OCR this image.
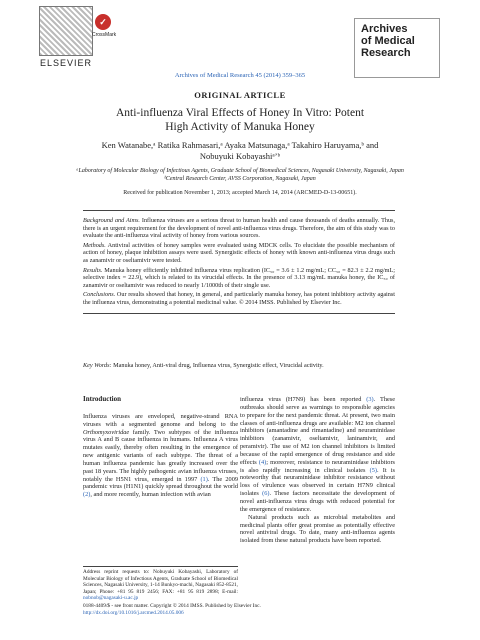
ELSEVIER
✓
CrossMark	Archives
of Medical
Research
Archives of Medical Research 45 (2014) 359–365
ORIGINAL ARTICLE
Anti-influenza Viral Effects of Honey In Vitro: Potent
High Activity of Manuka Honey
Ken Watanabe,ᵃ Ratika Rahmasari,ᵃ Ayaka Matsunaga,ᵃ Takahiro Haruyama,ᵇ and
Nobuyuki Kobayashiᵃʼᵇ
ᵃLaboratory of Molecular Biology of Infectious Agents, Graduate School of Biomedical Sciences, Nagasaki University, Nagasaki, Japan
ᵇCentral Research Center, AVSS Corporation, Nagasaki, Japan
Received for publication November 1, 2013; accepted March 14, 2014 (ARCMED-D-13-00651).

Background and Aims. Influenza viruses are a serious threat to human health and cause thousands of deaths annually. Thus, there is an urgent requirement for the development of novel anti-influenza virus drugs. Therefore, the aim of this study was to evaluate the anti-influenza viral activity of honey from various sources.

Methods. Antiviral activities of honey samples were evaluated using MDCK cells. To elucidate the possible mechanism of action of honey, plaque inhibition assays were used. Synergistic effects of honey with known anti-influenza virus drugs such as zanamivir or oseltamivir were tested.

Results. Manuka honey efficiently inhibited influenza virus replication (IC₅₀ = 3.6 ± 1.2 mg/mL; CC₅₀ = 82.3 ± 2.2 mg/mL; selective index = 22.9), which is related to its virucidal effects. In the presence of 3.13 mg/mL manuka honey, the IC₅₀ of zanamivir or oseltamivir was reduced to nearly 1/1000th of their single use.

Conclusions. Our results showed that honey, in general, and particularly manuka honey, has potent inhibitory activity against the influenza virus, demonstrating a potential medicinal value. © 2014 IMSS. Published by Elsevier Inc.

Key Words: Manuka honey, Anti-viral drug, Influenza virus, Synergistic effect, Virucidal activity.
Introduction

Influenza viruses are enveloped, negative-strand RNA viruses with a segmented genome and belong to the Orthomyxoviridae family. Two subtypes of the influenza virus A and B cause influenza in humans. Influenza A virus mutates easily, thereby often resulting in the emergence of new antigenic variants of each subtype. The threat of a human influenza pandemic has greatly increased over the past 18 years. The highly pathogenic avian influenza viruses, notably the H5N1 virus, emerged in 1997 (1). The 2009 pandemic virus (H1N1) quickly spread throughout the world (2), and more recently, human infection with avian

influenza virus (H7N9) has been reported (3). These outbreaks should serve as warnings to responsible agencies to prepare for the next pandemic threat. At present, two main classes of anti-influenza drugs are available: M2 ion channel inhibitors (amantadine and rimantadine) and neuraminidase inhibitors (zanamivir, oseltamivir, laninamivir, and peramivir). The use of M2 ion channel inhibitors is limited because of the rapid emergence of drug resistance and side effects (4); moreover, resistance to neuraminidase inhibitors is also rapidly increasing in clinical isolates (5). It is noteworthy that neuraminidase inhibitor resistance without loss of virulence was observed in certain H7N9 clinical isolates (6). These factors necessitate the development of novel anti-influenza virus drugs with reduced potential for the emergence of resistance.

Natural products such as microbial metabolites and medicinal plants offer great promise as potentially effective novel antiviral drugs. To date, many anti-influenza agents isolated from these natural products have been reported.

Address reprint requests to: Nobuyuki Kobayashi, Laboratory of Molecular Biology of Infectious Agents, Graduate School of Biomedical Sciences, Nagasaki University, 1-14 Bunkyo-machi, Nagasaki 852-8521, Japan; Phone: +81 95 819 2456; FAX: +81 95 819 2898; E-mail: nobnob@nagasaki-u.ac.jp
0188-4409/$ - see front matter. Copyright © 2014 IMSS. Published by Elsevier Inc.
http://dx.doi.org/10.1016/j.arcmed.2014.05.006
